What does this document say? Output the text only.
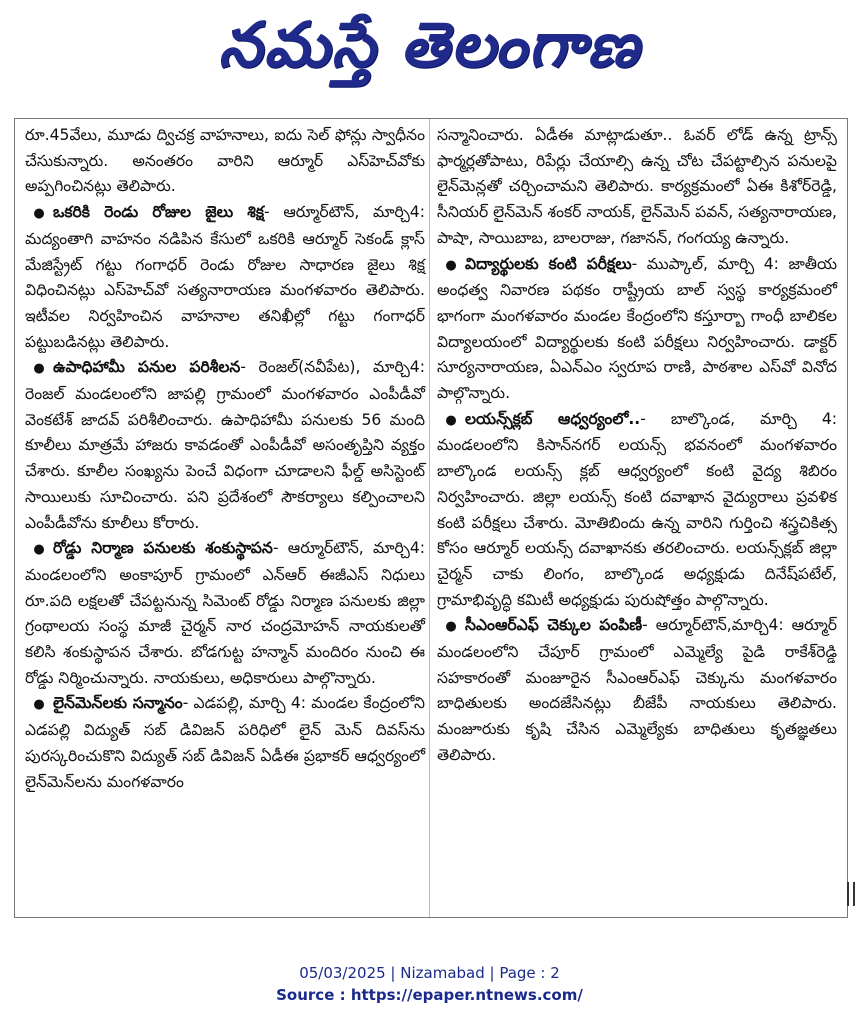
నమస్తే తెలంగాణ

రూ.45వేలు, మూడు ద్విచక్ర వాహనాలు, ఐదు సెల్ ఫోన్లు స్వాధీనం చేసుకున్నారు. అనంతరం వారిని ఆర్మూర్ ఎస్‌హెచ్‌వోకు అప్పగించినట్లు తెలిపారు.

● ఒకరికి రెండు రోజుల జైలు శిక్ష- ఆర్మూర్‌టౌన్, మార్చి4: మద్యంతాగి వాహనం నడిపిన కేసులో ఒకరికి ఆర్మూర్ సెకండ్ క్లాస్ మేజిస్ట్రేట్ గట్టు గంగాధర్ రెండు రోజుల సాధారణ జైలు శిక్ష విధించినట్లు ఎస్‌హెచ్‌వో సత్యనారాయణ మంగళవారం తెలిపారు. ఇటీవల నిర్వహించిన వాహనాల తనిఖీల్లో గట్టు గంగాధర్ పట్టుబడినట్లు తెలిపారు.

● ఉపాధిహామీ పనుల పరిశీలన- రెంజల్(నవీపేట), మార్చి4: రెంజల్ మండలంలోని జాపల్లి గ్రామంలో మంగళవారం ఎంపీడీవో వెంకటేశ్ జాదవ్ పరిశీలించారు. ఉపాధిహామీ పనులకు 56 మంది కూలీలు మాత్రమే హాజరు కావడంతో ఎంపీడీవో అసంతృప్తిని వ్యక్తం చేశారు. కూలీల సంఖ్యను పెంచే విధంగా చూడాలని ఫీల్డ్ అసిస్టెంట్ సాయిలుకు సూచించారు. పని ప్రదేశంలో సౌకర్యాలు కల్పించాలని ఎంపీడీవోను కూలీలు కోరారు.

● రోడ్డు నిర్మాణ పనులకు శంకుస్థాపన- ఆర్మూర్‌టౌన్, మార్చి4: మండలంలోని అంకాపూర్ గ్రామంలో ఎన్‌ఆర్ ఈజీఎస్ నిధులు రూ.పది లక్షలతో చేపట్టనున్న సిమెంట్ రోడ్డు నిర్మాణ పనులకు జిల్లా గ్రంథాలయ సంస్థ మాజీ చైర్మన్ నార చంద్రమోహన్ నాయకులతో కలిసి శంకుస్థాపన చేశారు. బోడగుట్ట హన్మాన్ మందిరం నుంచి ఈ రోడ్డు నిర్మించున్నారు. నాయకులు, అధికారులు పాల్గొన్నారు.

● లైన్‌మెన్‌లకు సన్మానం- ఎడపల్లి, మార్చి 4: మండల కేంద్రంలోని ఎడపల్లి విద్యుత్ సబ్ డివిజన్ పరిధిలో లైన్ మెన్ దివస్‌ను పురస్కరించుకొని విద్యుత్ సబ్ డివిజన్ ఏడీఈ ప్రభాకర్ ఆధ్వర్యంలో లైన్‌మెన్‌లను మంగళవారం

సన్మానించారు. ఏడీఈ మాట్లాడుతూ.. ఓవర్ లోడ్ ఉన్న ట్రాన్స్ ఫార్మర్లతోపాటు, రిపేర్లు చేయాల్సి ఉన్న చోట చేపట్టాల్సిన పనులపై లైన్‌మెన్లతో చర్చించామని తెలిపారు. కార్యక్రమంలో ఏఈ కిశోర్‌రెడ్డి, సీనియర్ లైన్‌మెన్ శంకర్ నాయక్, లైన్‌మెన్ పవన్, సత్యనారాయణ, పాషా, సాయిబాబ, బాలరాజు, గజానన్, గంగయ్య ఉన్నారు.

● విద్యార్థులకు కంటి పరీక్షలు- ముప్కాల్, మార్చి 4: జాతీయ అంధత్వ నివారణ పథకం రాష్ట్రీయ బాల్ స్వస్థ కార్యక్రమంలో భాగంగా మంగళవారం మండల కేంద్రంలోని కస్తూర్బా గాంధీ బాలికల విద్యాలయంలో విద్యార్థులకు కంటి పరీక్షలు నిర్వహించారు. డాక్టర్ సూర్యనారాయణ, ఏఎన్‌ఎం స్వరూప రాణి, పాఠశాల ఎస్‌వో వినోద పాల్గొన్నారు.

● లయన్స్‌క్లబ్ ఆధ్వర్యంలో..- బాల్కొండ, మార్చి 4: మండలంలోని కిసాన్‌నగర్ లయన్స్ భవనంలో మంగళవారం బాల్కొండ లయన్స్ క్లబ్ ఆధ్వర్యంలో కంటి వైద్య శిబిరం నిర్వహించారు. జిల్లా లయన్స్ కంటి దవాఖాన వైద్యురాలు ప్రవళిక కంటి పరీక్షలు చేశారు. మోతిబిందు ఉన్న వారిని గుర్తించి శస్త్రచికిత్స కోసం ఆర్మూర్ లయన్స్ దవాఖానకు తరలించారు. లయన్స్‌క్లబ్ జిల్లా చైర్మన్ చాకు లింగం, బాల్కొండ అధ్యక్షుడు దినేష్‌పటేల్, గ్రామాభివృద్ధి కమిటీ అధ్యక్షుడు పురుషోత్తం పాల్గొన్నారు.

● సీఎంఆర్‌ఎఫ్ చెక్కుల పంపిణీ- ఆర్మూర్‌టౌన్,మార్చి4: ఆర్మూర్ మండలంలోని చేపూర్ గ్రామంలో ఎమ్మెల్యే పైడి రాకేశ్‌రెడ్డి సహకారంతో మంజూరైన సీఎంఆర్‌ఎఫ్ చెక్కును మంగళవారం బాధితులకు అందజేసినట్లు బీజేపీ నాయకులు తెలిపారు. మంజూరుకు కృషి చేసిన ఎమ్మెల్యేకు బాధితులు కృతజ్ఞతలు తెలిపారు.

05/03/2025 | Nizamabad | Page : 2
Source : https://epaper.ntnews.com/
